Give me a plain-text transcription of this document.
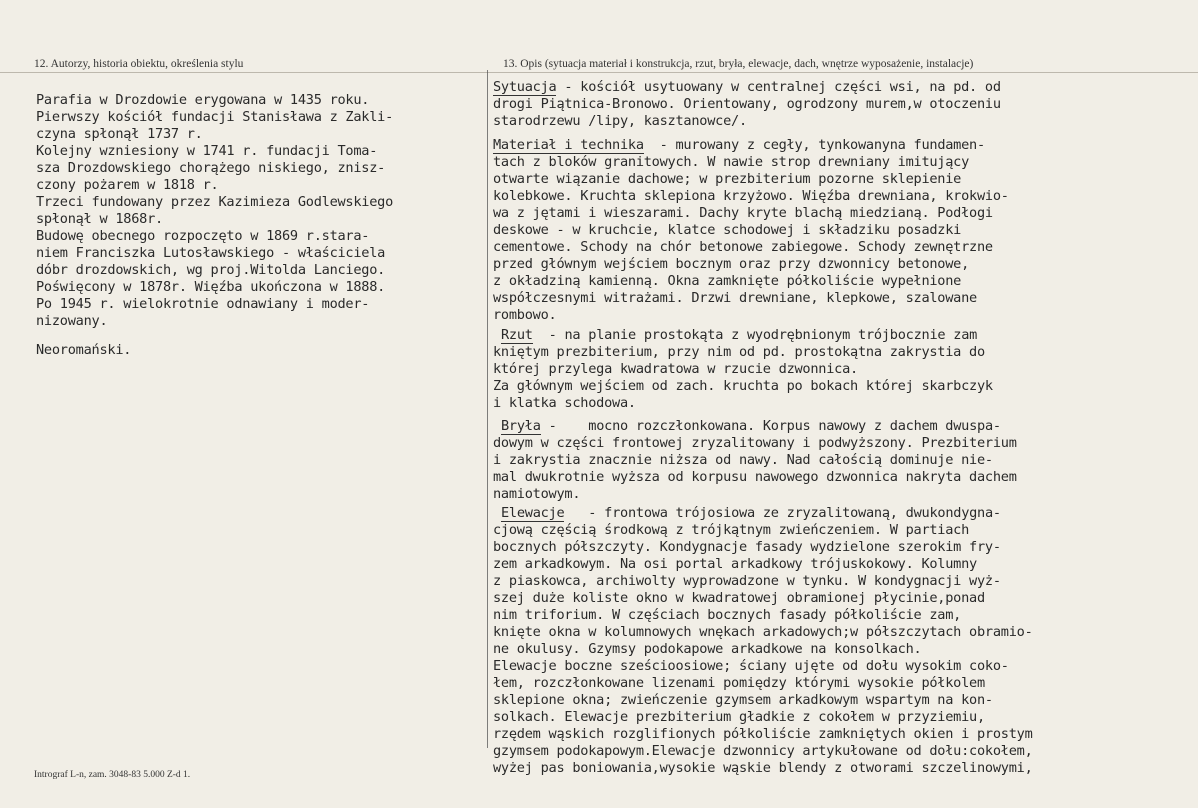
12. Autorzy, historia obiektu, określenia stylu	13. Opis (sytuacja materiał i konstrukcja, rzut, bryła, elewacje, dach, wnętrze wyposażenie, instalacje)
Parafia w Drozdowie erygowana w 1435 roku.
Pierwszy kościół fundacji Stanisława z Zakli-
czyna spłonął 1737 r.
Kolejny wzniesiony w 1741 r. fundacji Toma-
sza Drozdowskiego chorążego niskiego, znisz-
czony pożarem w 1818 r.
Trzeci fundowany przez Kazimieza Godlewskiego
spłonął w 1868r.
Budowę obecnego rozpoczęto w 1869 r.stara-
niem Franciszka Lutosławskiego - właściciela
dóbr drozdowskich, wg proj.Witolda Lanciego.
Poświęcony w 1878r. Więźba ukończona w 1888.
Po 1945 r. wielokrotnie odnawiany i moder-
nizowany.
Neoromański.
Sytuacja - kościół usytuowany w centralnej części wsi, na pd. od
drogi Piątnica-Bronowo. Orientowany, ogrodzony murem,w otoczeniu
starodrzewu /lipy, kasztanowce/.
Materiał i technika  - murowany z cegły, tynkowanyna fundamen-
tach z bloków granitowych. W nawie strop drewniany imitujący
otwarte wiązanie dachowe; w prezbiterium pozorne sklepienie
kolebkowe. Kruchta sklepiona krzyżowo. Więźba drewniana, krokwio-
wa z jętami i wieszarami. Dachy kryte blachą miedzianą. Podłogi
deskowe - w kruchcie, klatce schodowej i składziku posadzki
cementowe. Schody na chór betonowe zabiegowe. Schody zewnętrzne
przed głównym wejściem bocznym oraz przy dzwonnicy betonowe,
z okładziną kamienną. Okna zamknięte półkoliście wypełnione
współczesnymi witrażami. Drzwi drewniane, klepkowe, szalowane
rombowo.
Rzut  - na planie prostokąta z wyodrębnionym trójbocznie zam
kniętym prezbiterium, przy nim od pd. prostokątna zakrystia do
której przylega kwadratowa w rzucie dzwonnica.
Za głównym wejściem od zach. kruchta po bokach której skarbczyk
i klatka schodowa.
Bryła -    mocno rozczłonkowana. Korpus nawowy z dachem dwuspa-
dowym w części frontowej zryzalitowany i podwyższony. Prezbiterium
i zakrystia znacznie niższa od nawy. Nad całością dominuje nie-
mal dwukrotnie wyższa od korpusu nawowego dzwonnica nakryta dachem
namiotowym.
Elewacje   - frontowa trójosiowa ze zryzalitowaną, dwukondygna-
cjową częścią środkową z trójkątnym zwieńczeniem. W partiach
bocznych półszczyty. Kondygnacje fasady wydzielone szerokim fry-
zem arkadkowym. Na osi portal arkadkowy trójuskokowy. Kolumny
z piaskowca, archiwolty wyprowadzone w tynku. W kondygnacji wyż-
szej duże koliste okno w kwadratowej obramionej płycinie,ponad
nim triforium. W częściach bocznych fasady półkoliście zam,
knięte okna w kolumnowych wnękach arkadowych;w półszczytach obramio-
ne okulusy. Gzymsy podokapowe arkadkowe na konsolkach.
Elewacje boczne sześcioosiowe; ściany ujęte od dołu wysokim coko-
łem, rozczłonkowane lizenami pomiędzy którymi wysokie półkolem
sklepione okna; zwieńczenie gzymsem arkadkowym wspartym na kon-
solkach. Elewacje prezbiterium gładkie z cokołem w przyziemiu,
rzędem wąskich rozglifionych półkoliście zamkniętych okien i prostym
gzymsem podokapowym.Elewacje dzwonnicy artykułowane od dołu:cokołem,
wyżej pas boniowania,wysokie wąskie blendy z otworami szczelinowymi,
Intrograf L-n, zam. 3048-83 5.000 Z-d 1.
